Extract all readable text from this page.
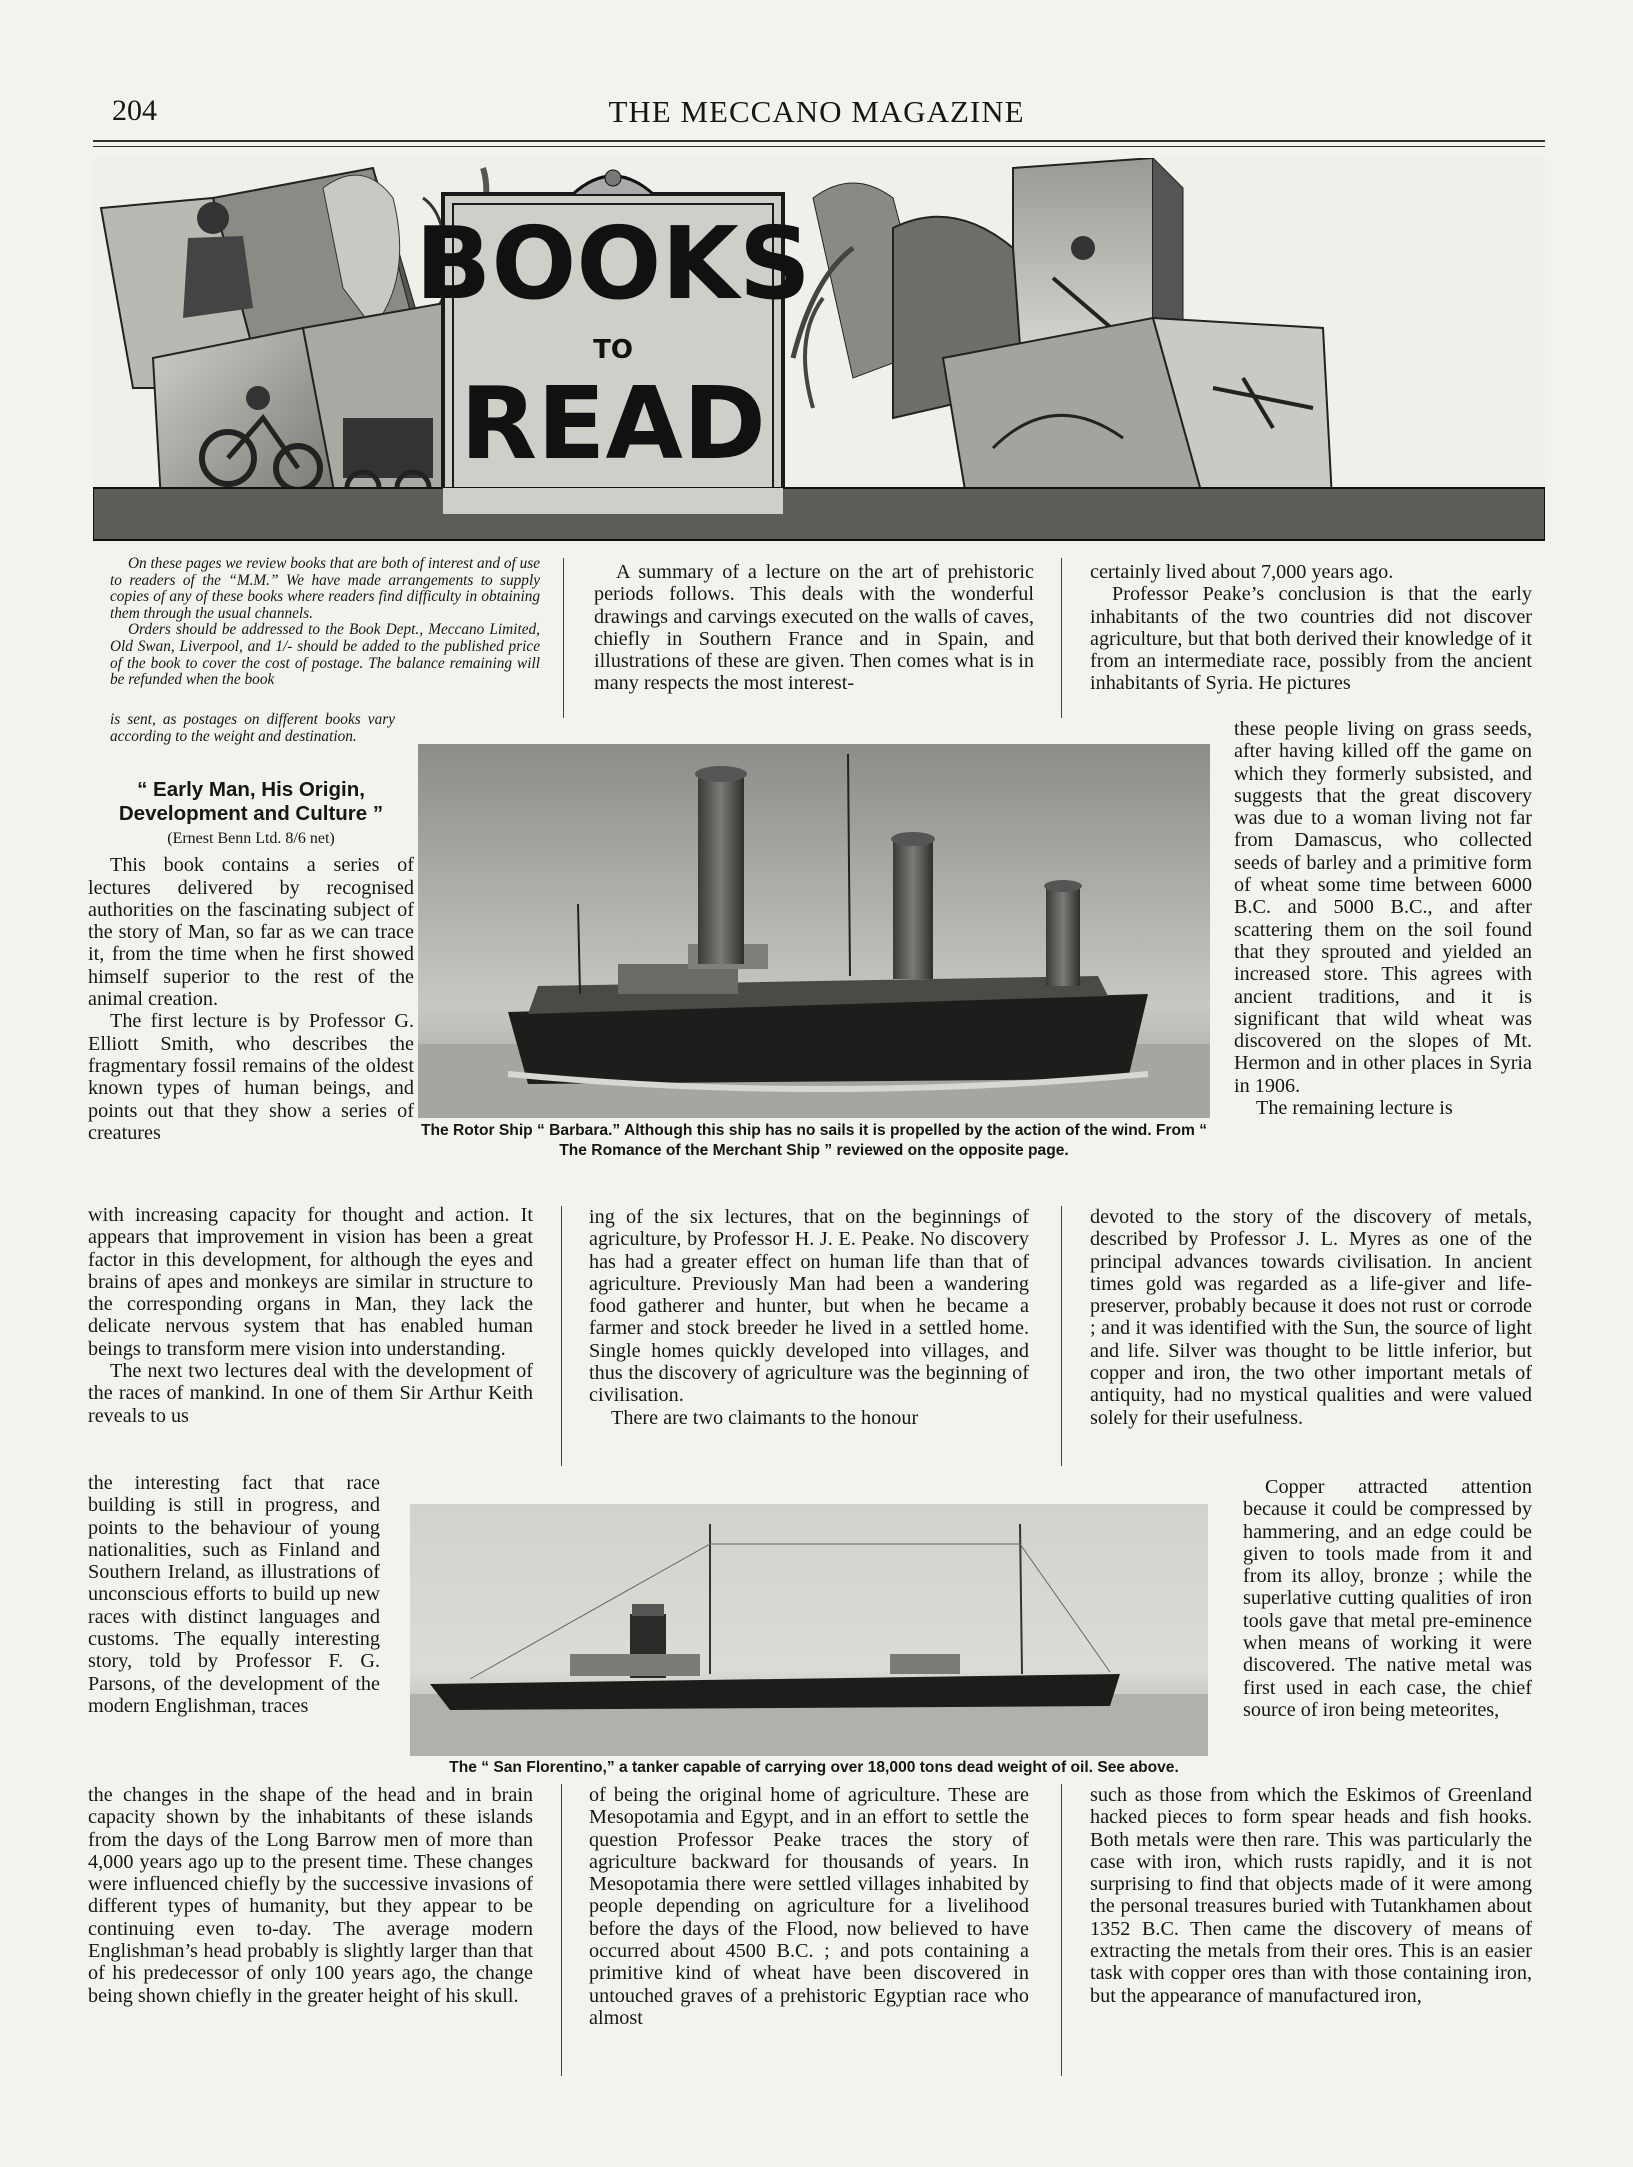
204	THE MECCANO MAGAZINE
BOOKS
TO
READ

On these pages we review books that are both of interest and of use to readers of the “M.M.” We have made arrangements to supply copies of any of these books where readers find difficulty in obtaining them through the usual channels.

Orders should be addressed to the Book Dept., Meccano Limited, Old Swan, Liverpool, and 1/- should be added to the published price of the book to cover the cost of postage. The balance remaining will be refunded when the book

is sent, as postages on different books vary according to the weight and destination.

“ Early Man, His Origin, Development and Culture ”
(Ernest Benn Ltd. 8/6 net)

This book contains a series of lectures delivered by recognised authorities on the fascinating subject of the story of Man, so far as we can trace it, from the time when he first showed himself superior to the rest of the animal creation.

The first lecture is by Professor G. Elliott Smith, who describes the fragmentary fossil remains of the oldest known types of human beings, and points out that they show a series of creatures

with increasing capacity for thought and action. It appears that improvement in vision has been a great factor in this development, for although the eyes and brains of apes and monkeys are similar in structure to the corresponding organs in Man, they lack the delicate nervous system that has enabled human beings to transform mere vision into understanding.

The next two lectures deal with the development of the races of mankind. In one of them Sir Arthur Keith reveals to us

the interesting fact that race building is still in progress, and points to the behaviour of young nationalities, such as Finland and Southern Ireland, as illustrations of unconscious efforts to build up new races with distinct languages and customs. The equally interesting story, told by Professor F. G. Parsons, of the development of the modern Englishman, traces

the changes in the shape of the head and in brain capacity shown by the inhabitants of these islands from the days of the Long Barrow men of more than 4,000 years ago up to the present time. These changes were influenced chiefly by the successive invasions of different types of humanity, but they appear to be continuing even to-day. The average modern Englishman’s head probably is slightly larger than that of his predecessor of only 100 years ago, the change being shown chiefly in the greater height of his skull.

A summary of a lecture on the art of prehistoric periods follows. This deals with the wonderful drawings and carvings executed on the walls of caves, chiefly in Southern France and in Spain, and illustrations of these are given. Then comes what is in many respects the most interest-

ing of the six lectures, that on the beginnings of agriculture, by Professor H. J. E. Peake. No discovery has had a greater effect on human life than that of agriculture. Previously Man had been a wandering food gatherer and hunter, but when he became a farmer and stock breeder he lived in a settled home. Single homes quickly developed into villages, and thus the discovery of agriculture was the beginning of civilisation.

There are two claimants to the honour

of being the original home of agriculture. These are Mesopotamia and Egypt, and in an effort to settle the question Professor Peake traces the story of agriculture backward for thousands of years. In Mesopotamia there were settled villages inhabited by people depending on agriculture for a livelihood before the days of the Flood, now believed to have occurred about 4500 B.C. ; and pots containing a primitive kind of wheat have been discovered in untouched graves of a prehistoric Egyptian race who almost

certainly lived about 7,000 years ago.

Professor Peake’s conclusion is that the early inhabitants of the two countries did not discover agriculture, but that both derived their knowledge of it from an intermediate race, possibly from the ancient inhabitants of Syria. He pictures

these people living on grass seeds, after having killed off the game on which they formerly subsisted, and suggests that the great discovery was due to a woman living not far from Damascus, who collected seeds of barley and a primitive form of wheat some time between 6000 B.C. and 5000 B.C., and after scattering them on the soil found that they sprouted and yielded an increased store. This agrees with ancient traditions, and it is significant that wild wheat was discovered on the slopes of Mt. Hermon and in other places in Syria in 1906.

The remaining lecture is

devoted to the story of the discovery of metals, described by Professor J. L. Myres as one of the principal advances towards civilisation. In ancient times gold was regarded as a life-giver and life-preserver, probably because it does not rust or corrode ; and it was identified with the Sun, the source of light and life. Silver was thought to be little inferior, but copper and iron, the two other important metals of antiquity, had no mystical qualities and were valued solely for their usefulness.

Copper attracted attention because it could be compressed by hammering, and an edge could be given to tools made from it and from its alloy, bronze ; while the superlative cutting qualities of iron tools gave that metal pre-eminence when means of working it were discovered. The native metal was first used in each case, the chief source of iron being meteorites,

such as those from which the Eskimos of Greenland hacked pieces to form spear heads and fish hooks. Both metals were then rare. This was particularly the case with iron, which rusts rapidly, and it is not surprising to find that objects made of it were among the personal treasures buried with Tutankhamen about 1352 B.C. Then came the discovery of means of extracting the metals from their ores. This is an easier task with copper ores than with those containing iron, but the appearance of manufactured iron,

The Rotor Ship “ Barbara.” Although this ship has no sails it is propelled by the action of the wind. From “ The Romance of the Merchant Ship ” reviewed on the opposite page.
The “ San Florentino,” a tanker capable of carrying over 18,000 tons dead weight of oil. See above.
